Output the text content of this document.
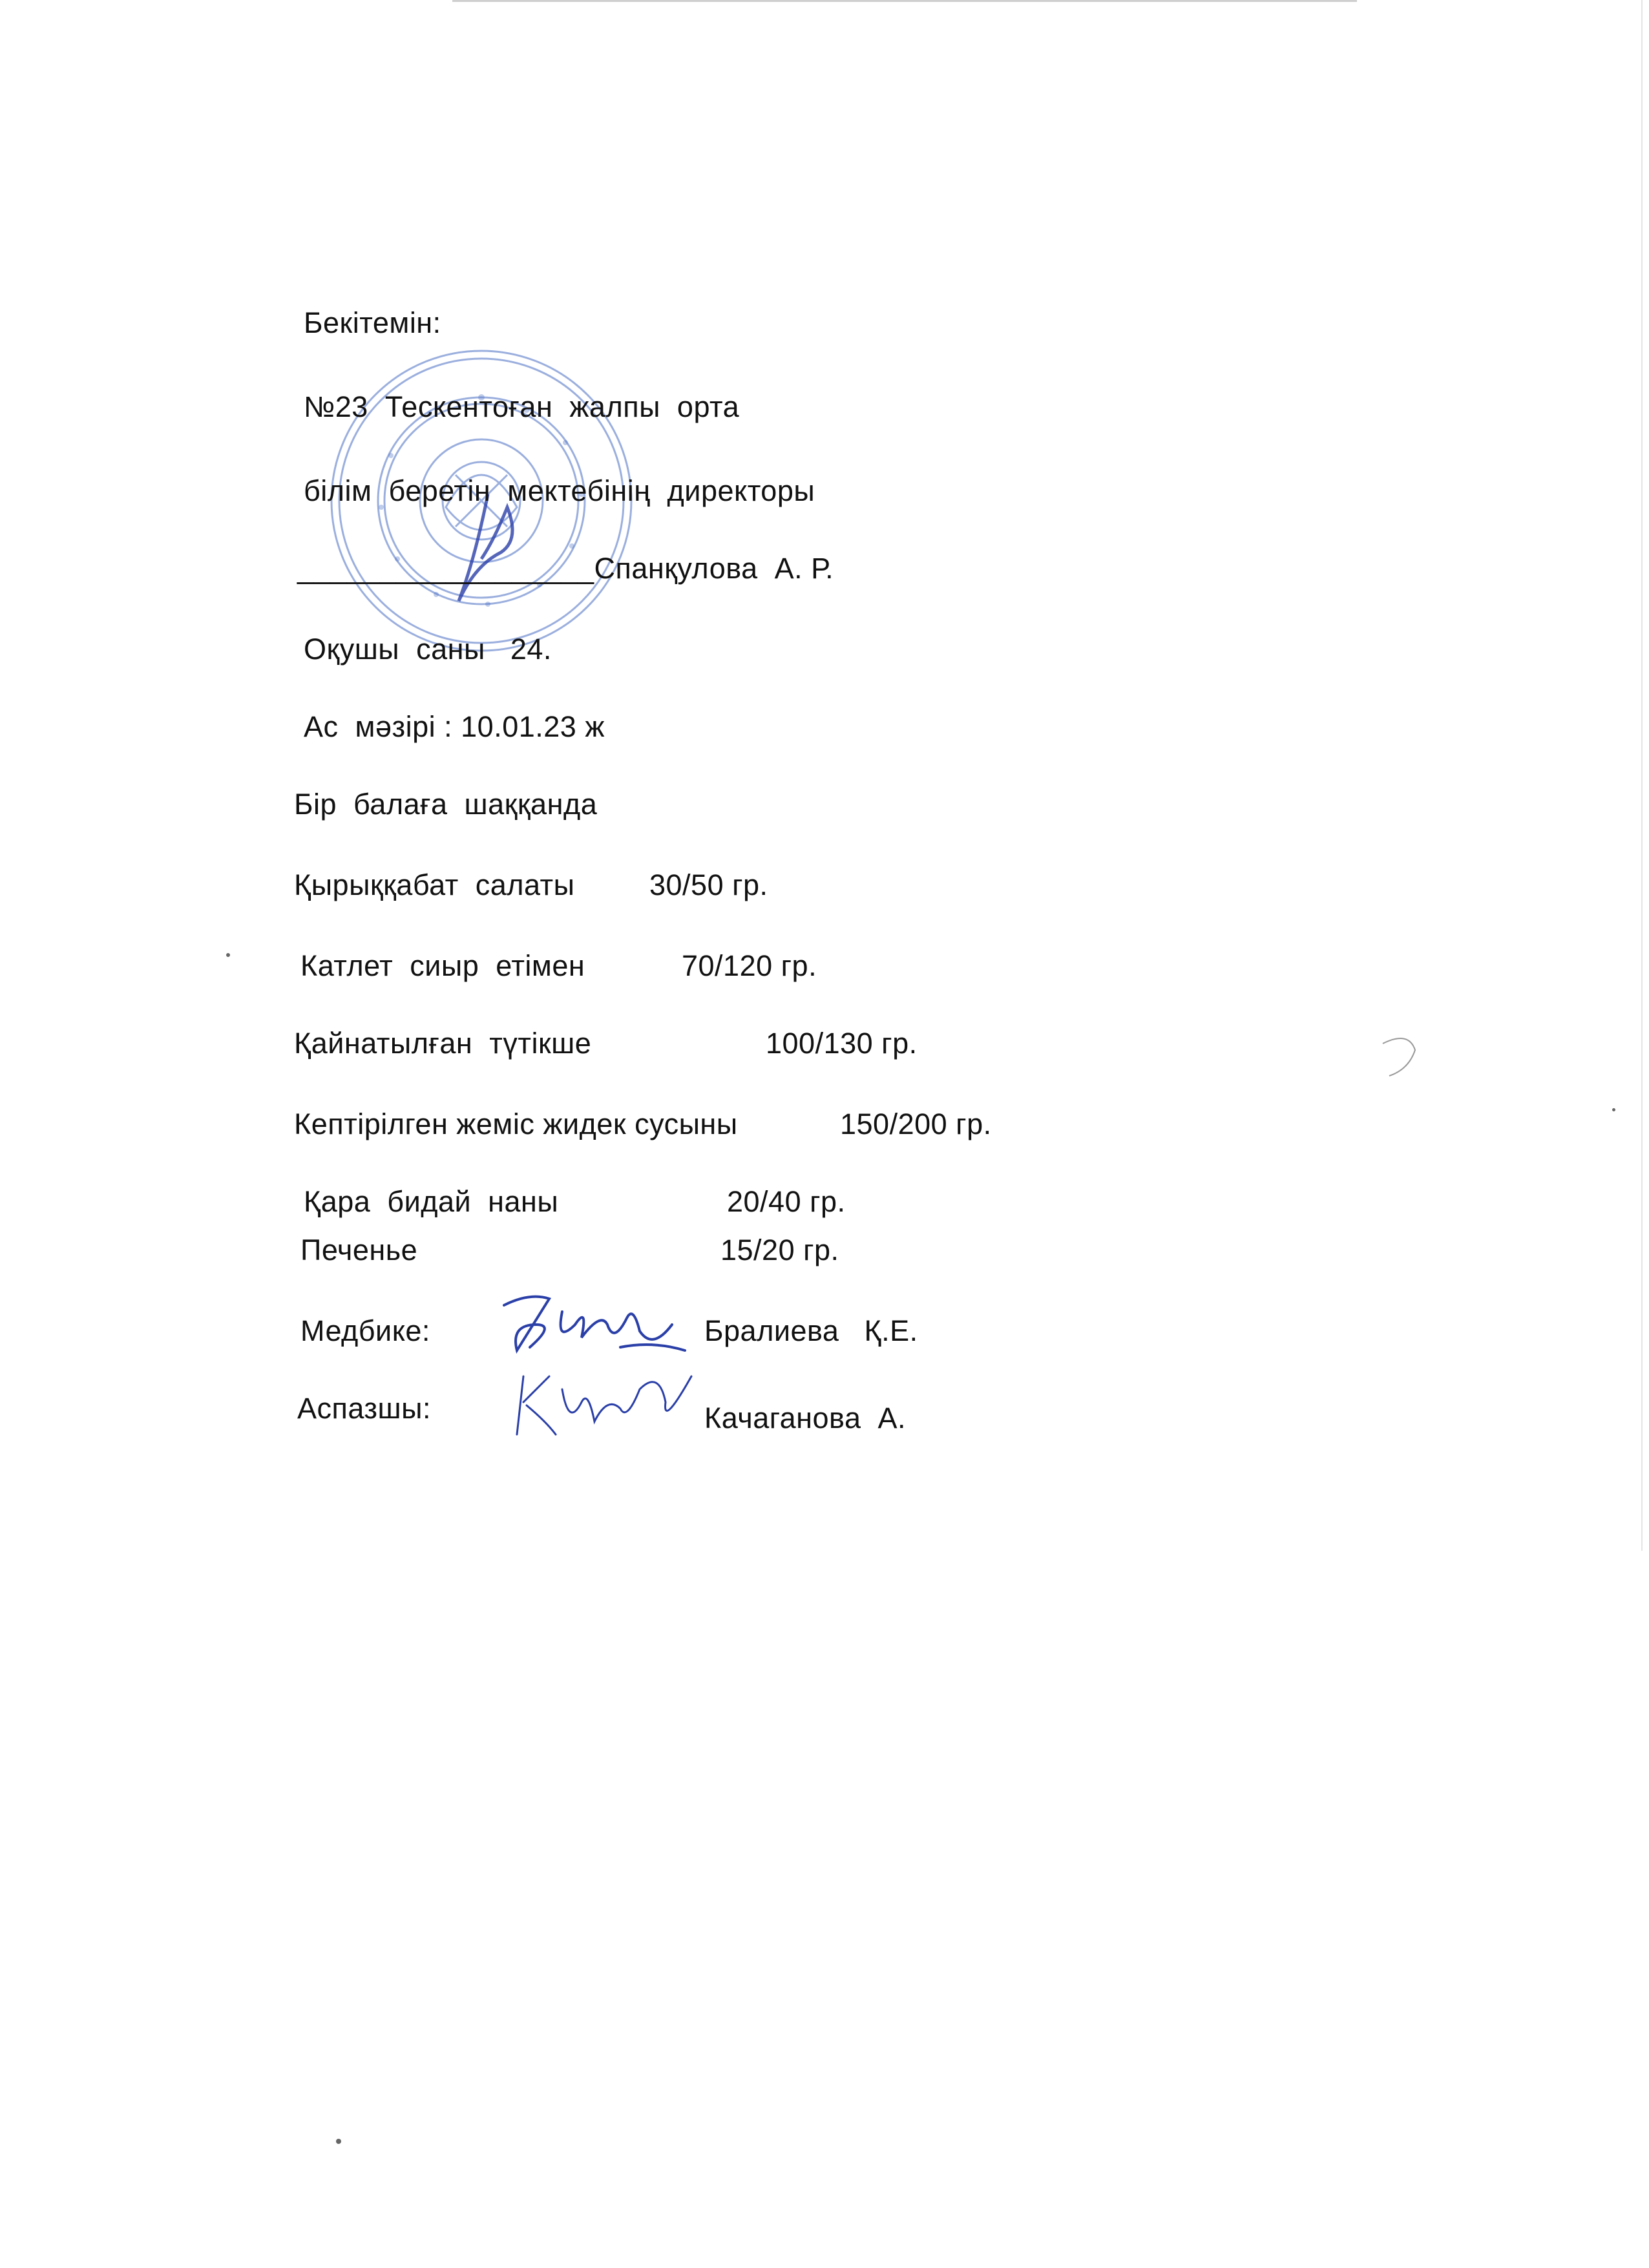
Бекітемін:
№23  Тескентоған  жалпы  орта
білім  беретін  мектебінің  директоры
__________________Спанқулова  А. Р.
Оқушы  саны   24.
Ас  мәзірі : 10.01.23 ж
Бір  балаға  шаққанда
Қырыққабат  салаты	30/50 гр.
Катлет  сиыр  етімен	70/120 гр.
Қайнатылған  түтікше	100/130 гр.
Кептірілген жеміс жидек сусыны	150/200 гр.
Қара  бидай  наны	20/40 гр.
Печенье	15/20 гр.
Медбике:	Бралиева   Қ.Е.
Аспазшы:	Качаганова  А.
